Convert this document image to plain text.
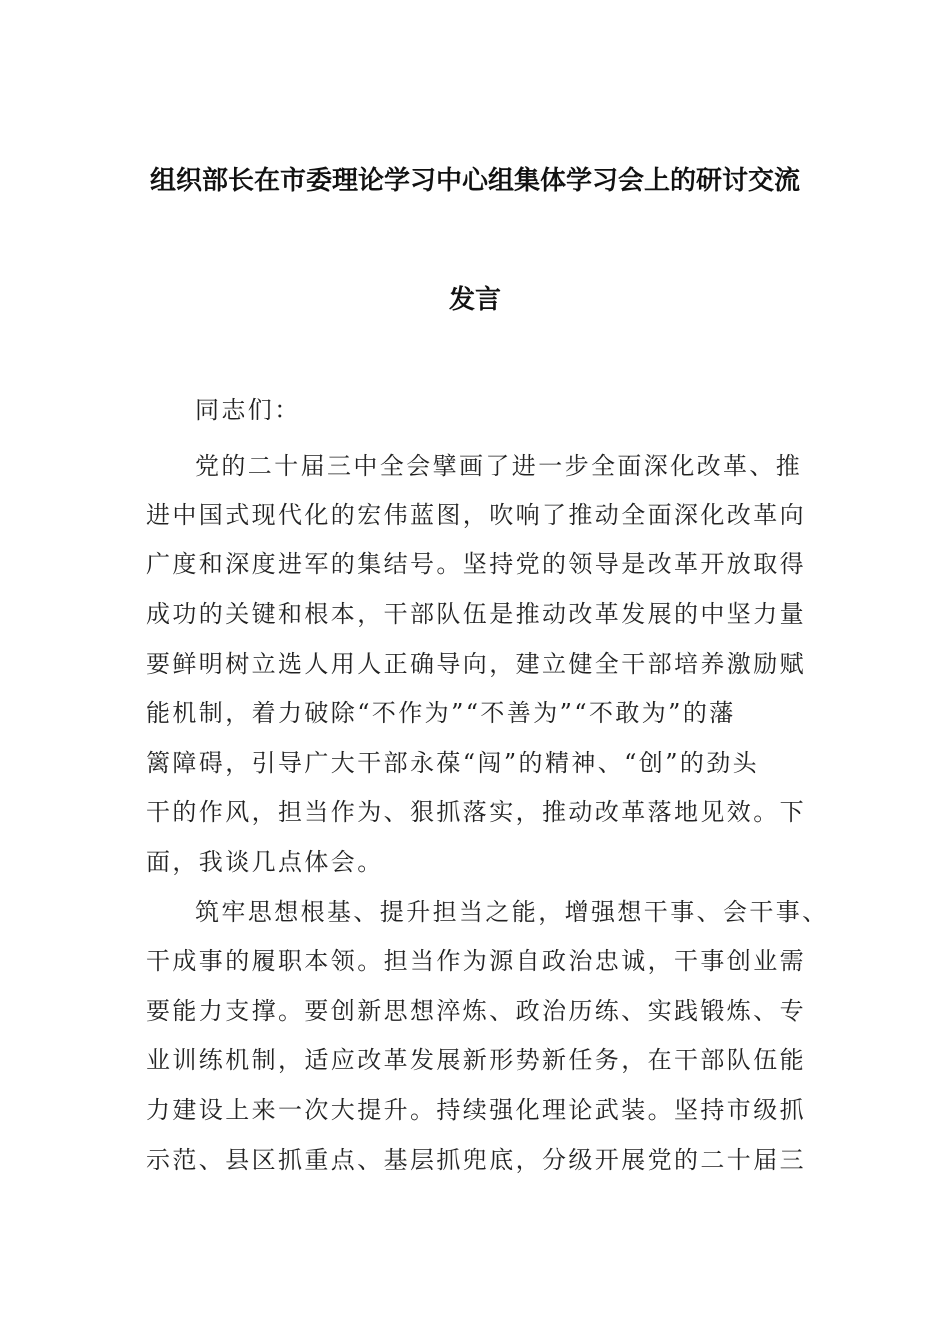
组织部长在市委理论学习中心组集体学习会上的研讨交流
发言
同志们：
党的二十届三中全会擘画了进一步全面深化改革、推
进中国式现代化的宏伟蓝图，吹响了推动全面深化改革向
广度和深度进军的集结号。坚持党的领导是改革开放取得
成功的关键和根本，干部队伍是推动改革发展的中坚力量
要鲜明树立选人用人正确导向，建立健全干部培养激励赋
能机制，着力破除“不作为”“不善为”“不敢为”的藩
篱障碍，引导广大干部永葆“闯”的精神、“创”的劲头
干的作风，担当作为、狠抓落实，推动改革落地见效。下
面，我谈几点体会。
筑牢思想根基、提升担当之能，增强想干事、会干事、
干成事的履职本领。担当作为源自政治忠诚，干事创业需
要能力支撑。要创新思想淬炼、政治历练、实践锻炼、专
业训练机制，适应改革发展新形势新任务，在干部队伍能
力建设上来一次大提升。持续强化理论武装。坚持市级抓
示范、县区抓重点、基层抓兜底，分级开展党的二十届三
